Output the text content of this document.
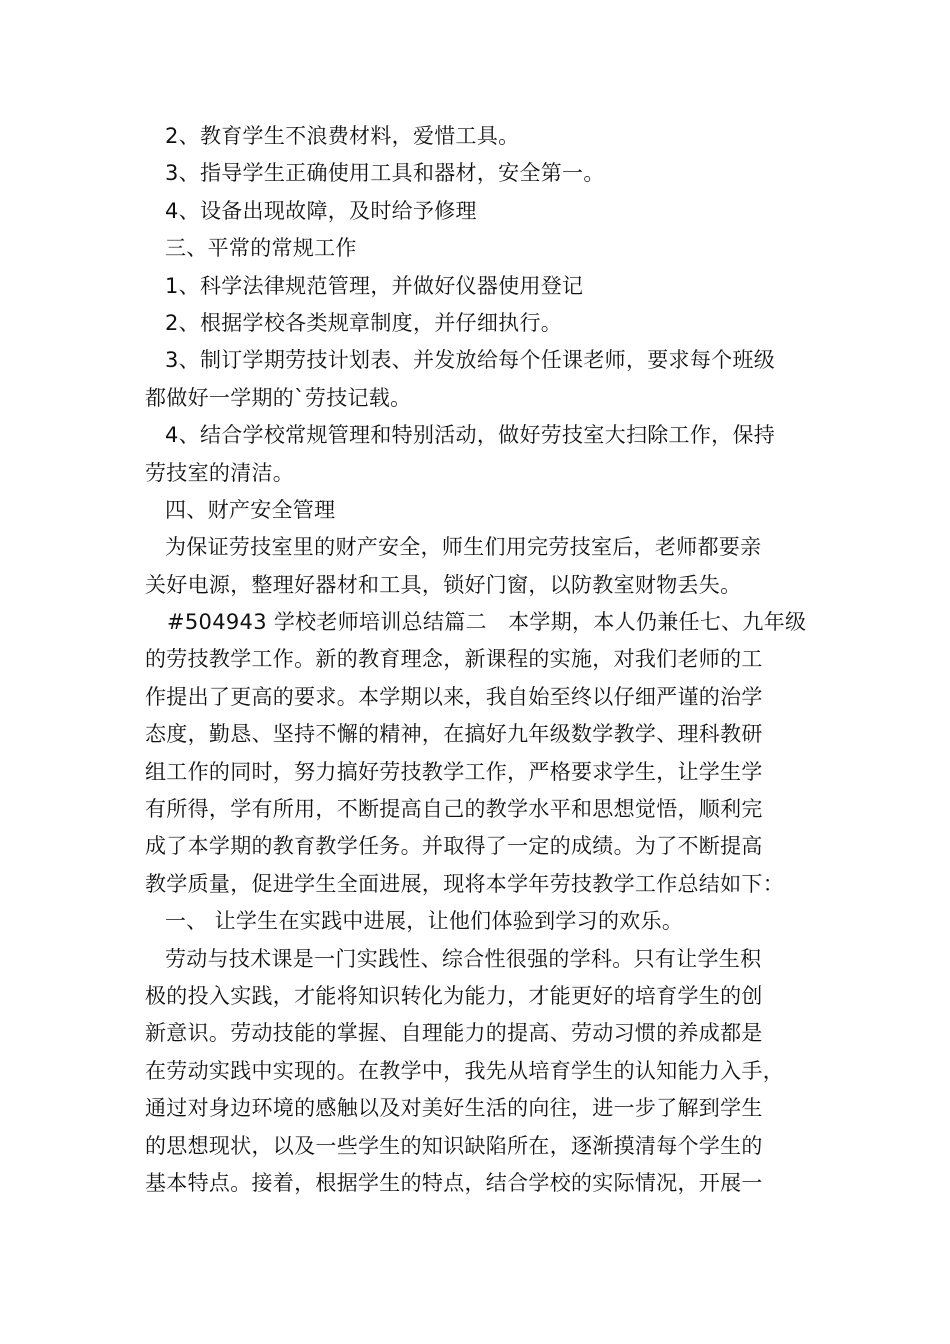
2、教育学生不浪费材料，爱惜工具。
3、指导学生正确使用工具和器材，安全第一。
4、设备出现故障，及时给予修理
三、平常的常规工作
1、科学法律规范管理，并做好仪器使用登记
2、根据学校各类规章制度，并仔细执行。
3、制订学期劳技计划表、并发放给每个任课老师，要求每个班级
都做好一学期的`劳技记载。
4、结合学校常规管理和特别活动，做好劳技室大扫除工作，保持
劳技室的清洁。
四、财产安全管理
为保证劳技室里的财产安全，师生们用完劳技室后，老师都要亲
关好电源，整理好器材和工具，锁好门窗，以防教室财物丢失。
#504943 学校老师培训总结篇二　本学期，本人仍兼任七、九年级
的劳技教学工作。新的教育理念，新课程的实施，对我们老师的工
作提出了更高的要求。本学期以来，我自始至终以仔细严谨的治学
态度，勤恳、坚持不懈的精神，在搞好九年级数学教学、理科教研
组工作的同时，努力搞好劳技教学工作，严格要求学生，让学生学
有所得，学有所用，不断提高自己的教学水平和思想觉悟，顺利完
成了本学期的教育教学任务。并取得了一定的成绩。为了不断提高
教学质量，促进学生全面进展，现将本学年劳技教学工作总结如下：
一、 让学生在实践中进展，让他们体验到学习的欢乐。
劳动与技术课是一门实践性、综合性很强的学科。只有让学生积
极的投入实践，才能将知识转化为能力，才能更好的培育学生的创
新意识。劳动技能的掌握、自理能力的提高、劳动习惯的养成都是
在劳动实践中实现的。在教学中，我先从培育学生的认知能力入手，
通过对身边环境的感触以及对美好生活的向往，进一步了解到学生
的思想现状，以及一些学生的知识缺陷所在，逐渐摸清每个学生的
基本特点。接着，根据学生的特点，结合学校的实际情况，开展一
